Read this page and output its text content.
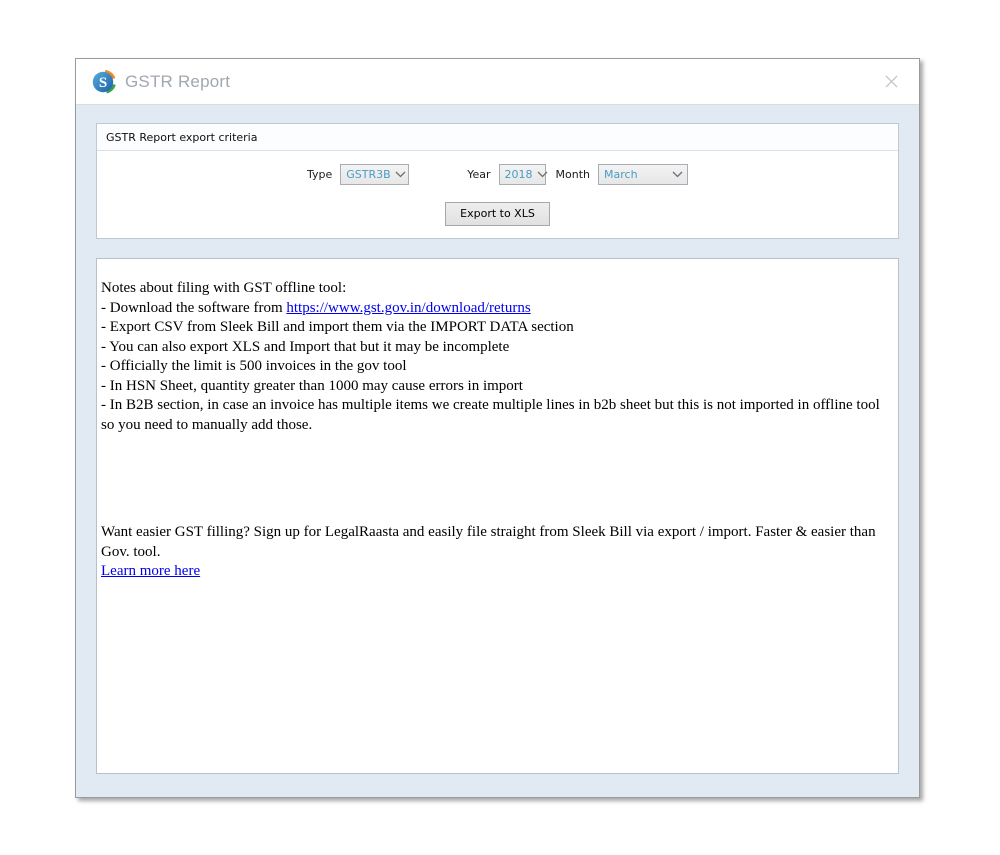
S GSTR Report
GSTR Report export criteria
Type GSTR3B	Year 2018 Month March
Export to XLS
Notes about filing with GST offline tool:
- Download the software from https://www.gst.gov.in/download/returns
- Export CSV from Sleek Bill and import them via the IMPORT DATA section
- You can also export XLS and Import that but it may be incomplete
- Officially the limit is 500 invoices in the gov tool
- In HSN Sheet, quantity greater than 1000 may cause errors in import
- In B2B section, in case an invoice has multiple items we create multiple lines in b2b sheet but this is not imported in offline tool so you need to manually add those.
Want easier GST filling? Sign up for LegalRaasta and easily file straight from Sleek Bill via export / import. Faster & easier than Gov. tool.
Learn more here
